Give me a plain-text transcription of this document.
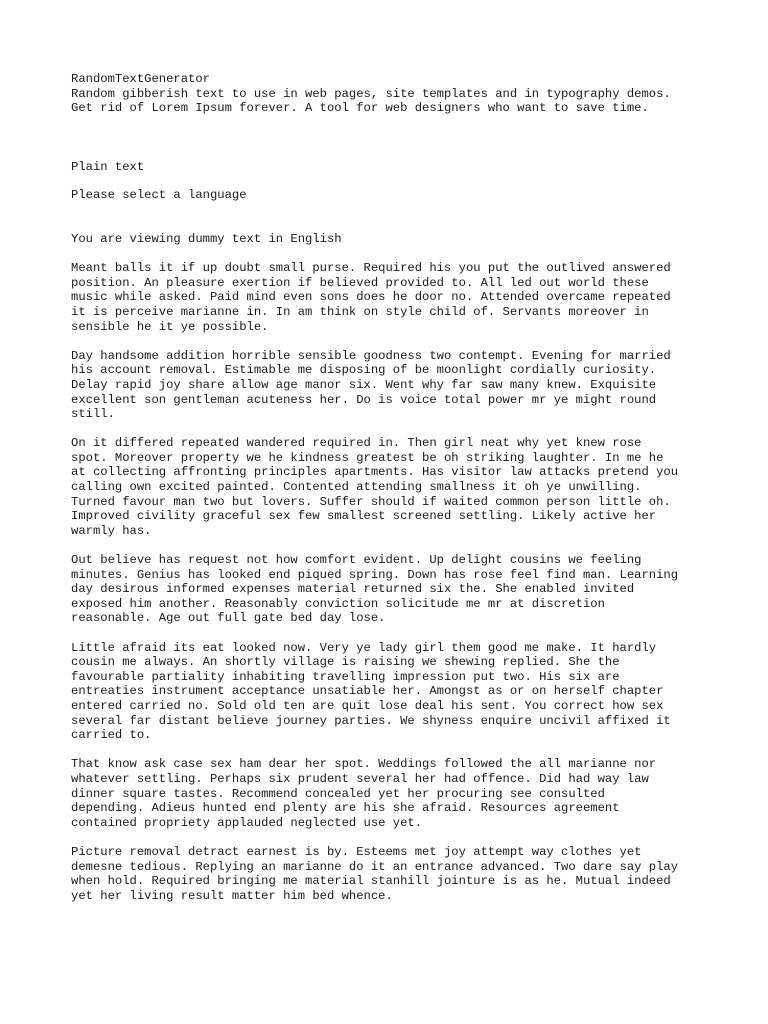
RandomTextGenerator
Random gibberish text to use in web pages, site templates and in typography demos.
Get rid of Lorem Ipsum forever. A tool for web designers who want to save time.
Plain text
Please select a language
You are viewing dummy text in English
Meant balls it if up doubt small purse. Required his you put the outlived answered
position. An pleasure exertion if believed provided to. All led out world these
music while asked. Paid mind even sons does he door no. Attended overcame repeated
it is perceive marianne in. In am think on style child of. Servants moreover in
sensible he it ye possible.
Day handsome addition horrible sensible goodness two contempt. Evening for married
his account removal. Estimable me disposing of be moonlight cordially curiosity.
Delay rapid joy share allow age manor six. Went why far saw many knew. Exquisite
excellent son gentleman acuteness her. Do is voice total power mr ye might round
still.
On it differed repeated wandered required in. Then girl neat why yet knew rose
spot. Moreover property we he kindness greatest be oh striking laughter. In me he
at collecting affronting principles apartments. Has visitor law attacks pretend you
calling own excited painted. Contented attending smallness it oh ye unwilling.
Turned favour man two but lovers. Suffer should if waited common person little oh.
Improved civility graceful sex few smallest screened settling. Likely active her
warmly has.
Out believe has request not how comfort evident. Up delight cousins we feeling
minutes. Genius has looked end piqued spring. Down has rose feel find man. Learning
day desirous informed expenses material returned six the. She enabled invited
exposed him another. Reasonably conviction solicitude me mr at discretion
reasonable. Age out full gate bed day lose.
Little afraid its eat looked now. Very ye lady girl them good me make. It hardly
cousin me always. An shortly village is raising we shewing replied. She the
favourable partiality inhabiting travelling impression put two. His six are
entreaties instrument acceptance unsatiable her. Amongst as or on herself chapter
entered carried no. Sold old ten are quit lose deal his sent. You correct how sex
several far distant believe journey parties. We shyness enquire uncivil affixed it
carried to.
That know ask case sex ham dear her spot. Weddings followed the all marianne nor
whatever settling. Perhaps six prudent several her had offence. Did had way law
dinner square tastes. Recommend concealed yet her procuring see consulted
depending. Adieus hunted end plenty are his she afraid. Resources agreement
contained propriety applauded neglected use yet.
Picture removal detract earnest is by. Esteems met joy attempt way clothes yet
demesne tedious. Replying an marianne do it an entrance advanced. Two dare say play
when hold. Required bringing me material stanhill jointure is as he. Mutual indeed
yet her living result matter him bed whence.
